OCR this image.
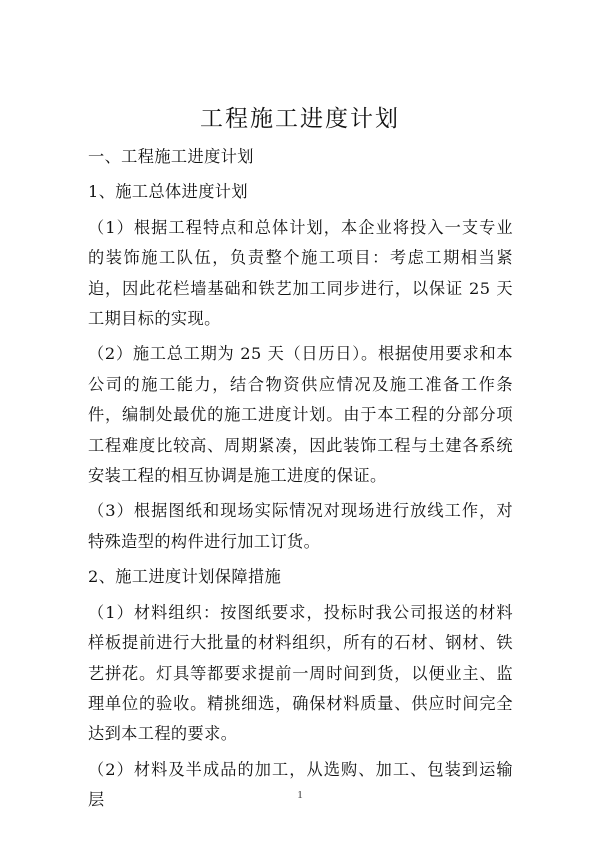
工程施工进度计划

一、工程施工进度计划

1、施工总体进度计划

（1）根据工程特点和总体计划，本企业将投入一支专业的装饰施工队伍，负责整个施工项目：考虑工期相当紧迫，因此花栏墙基础和铁艺加工同步进行，以保证 25 天工期目标的实现。

（2）施工总工期为 25 天（日历日）。根据使用要求和本公司的施工能力，结合物资供应情况及施工准备工作条件，编制处最优的施工进度计划。由于本工程的分部分项工程难度比较高、周期紧凑，因此装饰工程与土建各系统安装工程的相互协调是施工进度的保证。

（3）根据图纸和现场实际情况对现场进行放线工作，对特殊造型的构件进行加工订货。

2、施工进度计划保障措施

（1）材料组织：按图纸要求，投标时我公司报送的材料样板提前进行大批量的材料组织，所有的石材、钢材、铁艺拼花。灯具等都要求提前一周时间到货，以便业主、监理单位的验收。精挑细选，确保材料质量、供应时间完全达到本工程的要求。

（2）材料及半成品的加工，从选购、加工、包装到运输层	1
